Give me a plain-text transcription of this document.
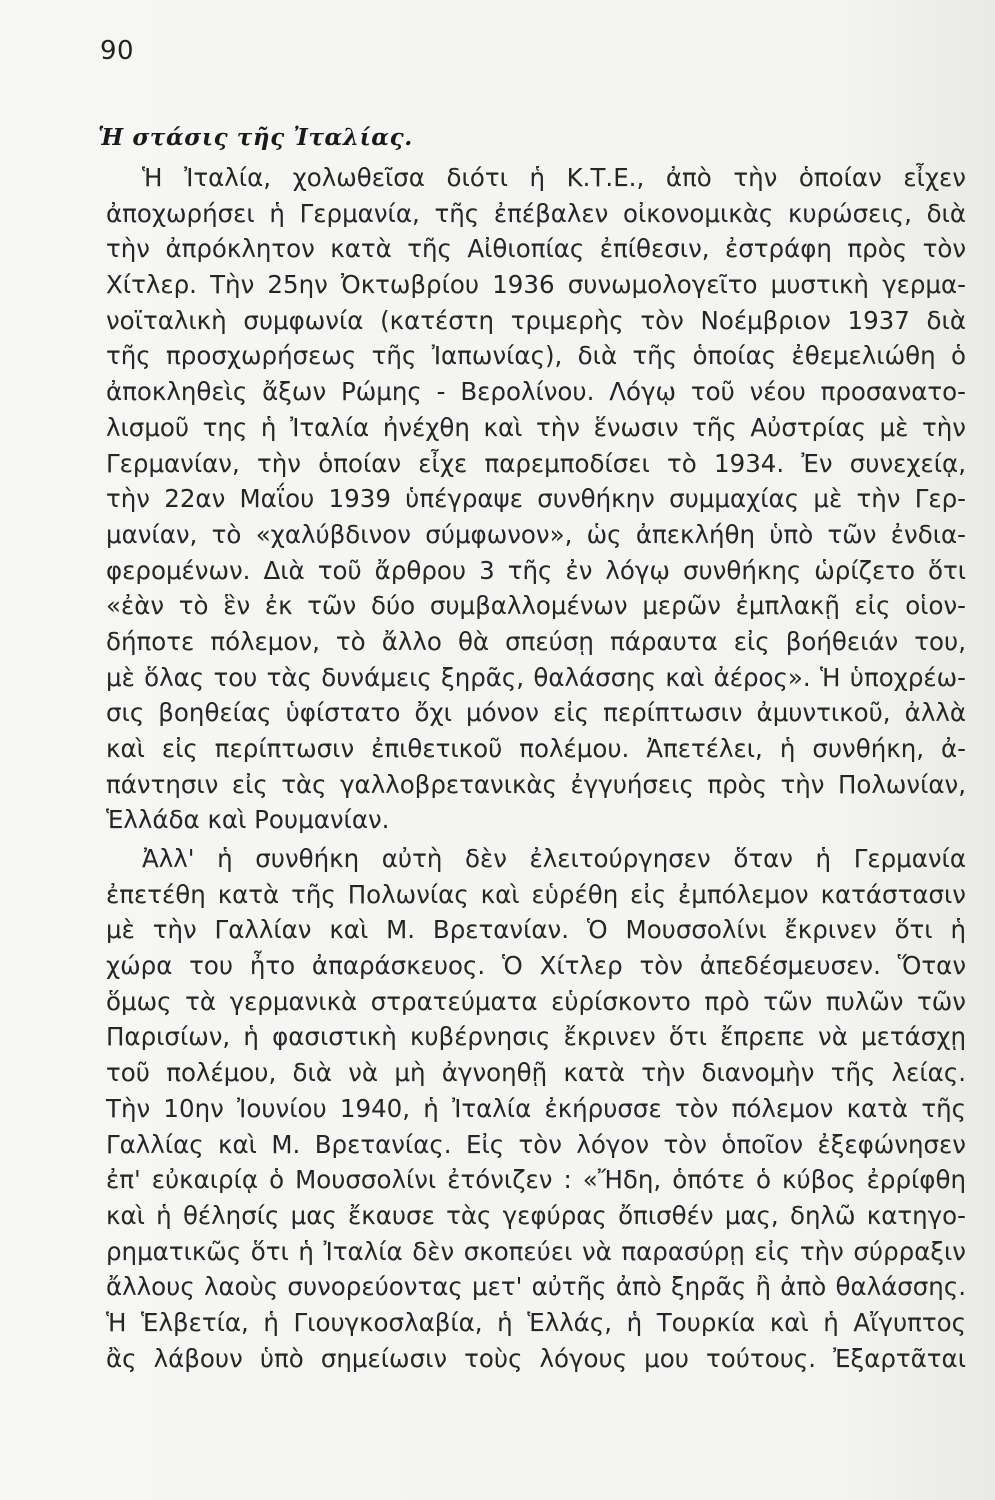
90
Ἡ στάσις τῆς Ἰταλίας.
Ἡ Ἰταλία, χολωθεῖσα διότι ἡ Κ.Τ.Ε., ἀπὸ τὴν ὁποίαν εἶχεν
ἀποχωρήσει ἡ Γερμανία, τῆς ἐπέβαλεν οἰκονομικὰς κυρώσεις, διὰ
τὴν ἀπρόκλητον κατὰ τῆς Αἰθιοπίας ἐπίθεσιν, ἐστράφη πρὸς τὸν
Χίτλερ. Τὴν 25ην Ὀκτωβρίου 1936 συνωμολογεῖτο μυστικὴ γερμα-
νοϊταλικὴ συμφωνία (κατέστη τριμερὴς τὸν Νοέμβριον 1937 διὰ
τῆς προσχωρήσεως τῆς Ἰαπωνίας), διὰ τῆς ὁποίας ἐθεμελιώθη ὁ
ἀποκληθεὶς ἄξων Ρώμης - Βερολίνου. Λόγῳ τοῦ νέου προσανατο-
λισμοῦ της ἡ Ἰταλία ἠνέχθη καὶ τὴν ἕνωσιν τῆς Αὐστρίας μὲ τὴν
Γερμανίαν, τὴν ὁποίαν εἶχε παρεμποδίσει τὸ 1934. Ἐν συνεχείᾳ,
τὴν 22αν Μαΐου 1939 ὑπέγραψε συνθήκην συμμαχίας μὲ τὴν Γερ-
μανίαν, τὸ «χαλύβδινον σύμφωνον», ὡς ἀπεκλήθη ὑπὸ τῶν ἐνδια-
φερομένων. Διὰ τοῦ ἄρθρου 3 τῆς ἐν λόγῳ συνθήκης ὡρίζετο ὅτι
«ἐὰν τὸ ἓν ἐκ τῶν δύο συμβαλλομένων μερῶν ἐμπλακῇ εἰς οἱον-
δήποτε πόλεμον, τὸ ἄλλο θὰ σπεύσῃ πάραυτα εἰς βοήθειάν του,
μὲ ὅλας του τὰς δυνάμεις ξηρᾶς, θαλάσσης καὶ ἀέρος». Ἡ ὑποχρέω-
σις βοηθείας ὑφίστατο ὄχι μόνον εἰς περίπτωσιν ἀμυντικοῦ, ἀλλὰ
καὶ εἰς περίπτωσιν ἐπιθετικοῦ πολέμου. Ἀπετέλει, ἡ συνθήκη, ἀ-
πάντησιν εἰς τὰς γαλλοβρετανικὰς ἐγγυήσεις πρὸς τὴν Πολωνίαν,
Ἑλλάδα καὶ Ρουμανίαν.
Ἀλλ' ἡ συνθήκη αὐτὴ δὲν ἐλειτούργησεν ὅταν ἡ Γερμανία
ἐπετέθη κατὰ τῆς Πολωνίας καὶ εὑρέθη εἰς ἐμπόλεμον κατάστασιν
μὲ τὴν Γαλλίαν καὶ Μ. Βρετανίαν. Ὁ Μουσσολίνι ἔκρινεν ὅτι ἡ
χώρα του ἦτο ἀπαράσκευος. Ὁ Χίτλερ τὸν ἀπεδέσμευσεν. Ὅταν
ὅμως τὰ γερμανικὰ στρατεύματα εὑρίσκοντο πρὸ τῶν πυλῶν τῶν
Παρισίων, ἡ φασιστικὴ κυβέρνησις ἔκρινεν ὅτι ἔπρεπε νὰ μετάσχῃ
τοῦ πολέμου, διὰ νὰ μὴ ἀγνοηθῇ κατὰ τὴν διανομὴν τῆς λείας.
Τὴν 10ην Ἰουνίου 1940, ἡ Ἰταλία ἐκήρυσσε τὸν πόλεμον κατὰ τῆς
Γαλλίας καὶ Μ. Βρετανίας. Εἰς τὸν λόγον τὸν ὁποῖον ἐξεφώνησεν
ἐπ' εὐκαιρίᾳ ὁ Μουσσολίνι ἐτόνιζεν : «Ἤδη, ὁπότε ὁ κύβος ἐρρίφθη
καὶ ἡ θέλησίς μας ἔκαυσε τὰς γεφύρας ὄπισθέν μας, δηλῶ κατηγο-
ρηματικῶς ὅτι ἡ Ἰταλία δὲν σκοπεύει νὰ παρασύρῃ εἰς τὴν σύρραξιν
ἄλλους λαοὺς συνορεύοντας μετ' αὐτῆς ἀπὸ ξηρᾶς ἢ ἀπὸ θαλάσσης.
Ἡ Ἑλβετία, ἡ Γιουγκοσλαβία, ἡ Ἑλλάς, ἡ Τουρκία καὶ ἡ Αἴγυπτος
ἂς λάβουν ὑπὸ σημείωσιν τοὺς λόγους μου τούτους. Ἐξαρτᾶται
